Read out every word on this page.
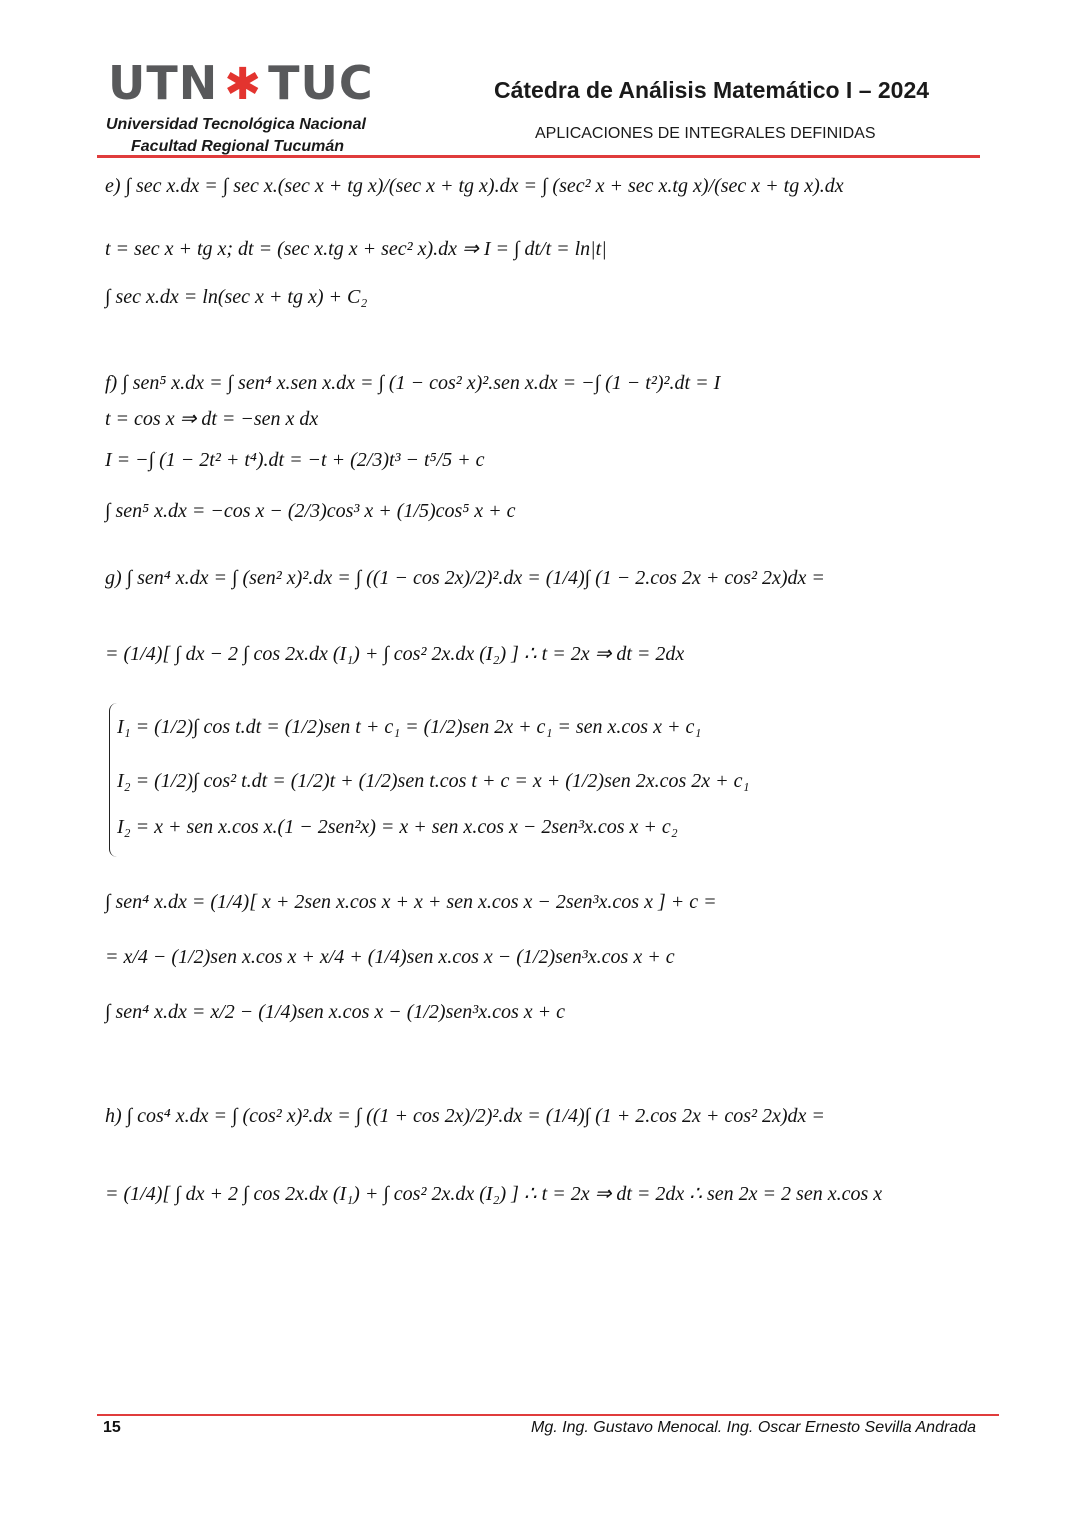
UTN ✱ TUC
Universidad Tecnológica Nacional
Facultad Regional Tucumán
Cátedra de Análisis Matemático I – 2024
APLICACIONES DE INTEGRALES DEFINIDAS
e) ∫ sec x.dx = ∫ sec x.(sec x + tg x)/(sec x + tg x).dx = ∫ (sec² x + sec x.tg x)/(sec x + tg x).dx
t = sec x + tg x; dt = (sec x.tg x + sec² x).dx ⇒ I = ∫ dt/t = ln|t|
∫ sec x.dx = ln(sec x + tg x) + C₂
f) ∫ sen⁵ x.dx = ∫ sen⁴ x.sen x.dx = ∫ (1 − cos² x)².sen x.dx = −∫ (1 − t²)².dt = I
t = cos x ⇒ dt = −sen x dx
I = −∫ (1 − 2t² + t⁴).dt = −t + (2/3)t³ − t⁵/5 + c
∫ sen⁵ x.dx = −cos x − (2/3)cos³ x + (1/5)cos⁵ x + c
g) ∫ sen⁴ x.dx = ∫ (sen² x)².dx = ∫ ((1 − cos 2x)/2)².dx = (1/4)∫ (1 − 2.cos 2x + cos² 2x)dx =
= (1/4)[ ∫ dx − 2 ∫ cos 2x.dx (I₁) + ∫ cos² 2x.dx (I₂) ] ∴ t = 2x ⇒ dt = 2dx
I₁ = (1/2)∫ cos t.dt = (1/2)sen t + c₁ = (1/2)sen 2x + c₁ = sen x.cos x + c₁
I₂ = (1/2)∫ cos² t.dt = (1/2)t + (1/2)sen t.cos t + c = x + (1/2)sen 2x.cos 2x + c₁
I₂ = x + sen x.cos x.(1 − 2sen²x) = x + sen x.cos x − 2sen³x.cos x + c₂
∫ sen⁴ x.dx = (1/4)[ x + 2sen x.cos x + x + sen x.cos x − 2sen³x.cos x ] + c =
= x/4 − (1/2)sen x.cos x + x/4 + (1/4)sen x.cos x − (1/2)sen³x.cos x + c
∫ sen⁴ x.dx = x/2 − (1/4)sen x.cos x − (1/2)sen³x.cos x + c
h) ∫ cos⁴ x.dx = ∫ (cos² x)².dx = ∫ ((1 + cos 2x)/2)².dx = (1/4)∫ (1 + 2.cos 2x + cos² 2x)dx =
= (1/4)[ ∫ dx + 2 ∫ cos 2x.dx (I₁) + ∫ cos² 2x.dx (I₂) ] ∴ t = 2x ⇒ dt = 2dx ∴ sen 2x = 2 sen x.cos x
15	Mg. Ing. Gustavo Menocal. Ing. Oscar Ernesto Sevilla Andrada
